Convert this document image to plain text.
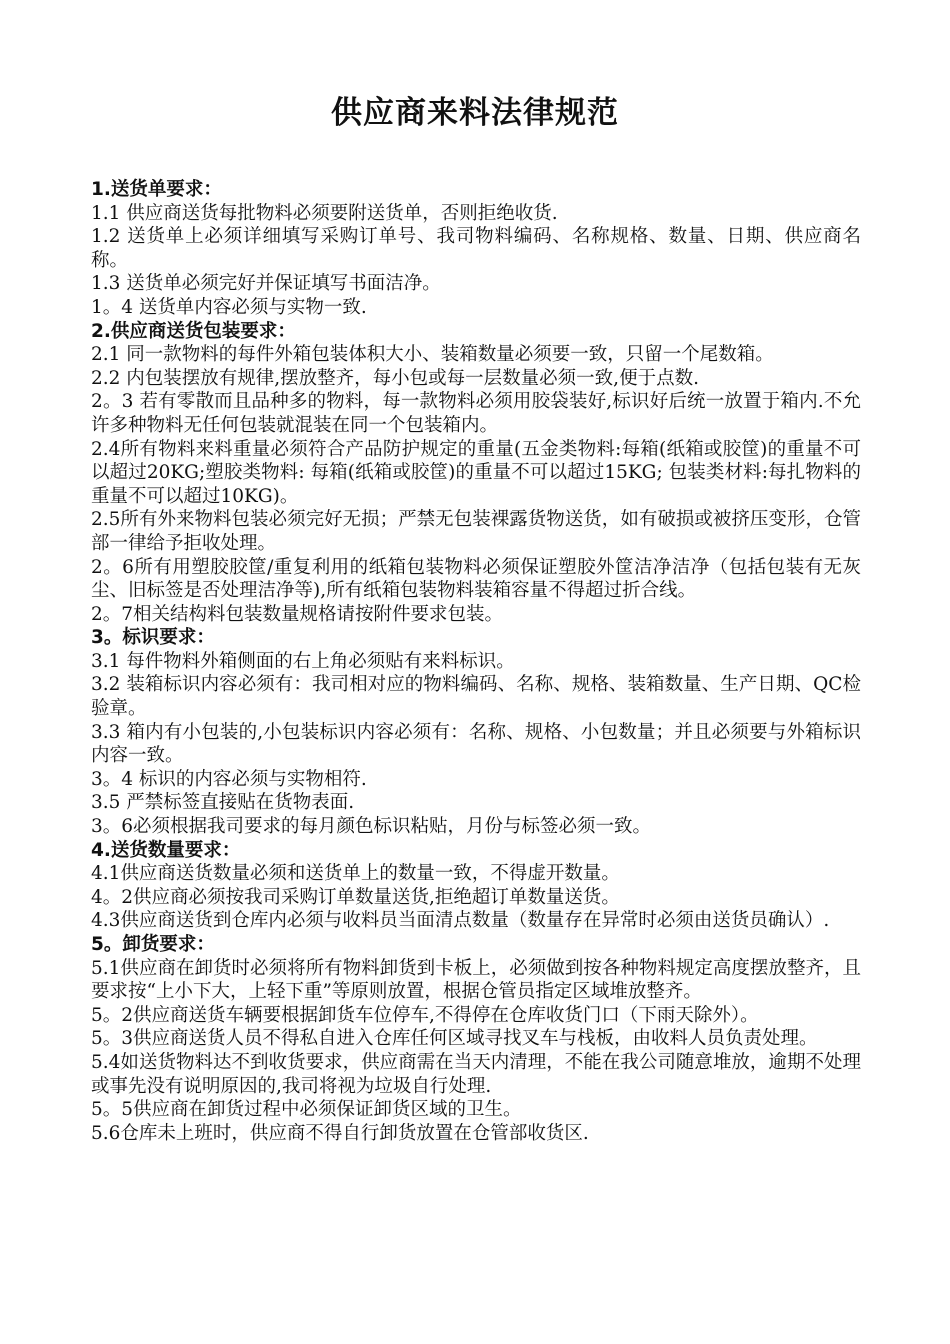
供应商来料法律规范
1.送货单要求：
1.1 供应商送货每批物料必须要附送货单，否则拒绝收货.
1.2 送货单上必须详细填写采购订单号、我司物料编码、名称规格、数量、日期、供应商名称。
1.3 送货单必须完好并保证填写书面洁净。
1。4 送货单内容必须与实物一致.
2.供应商送货包装要求：
2.1 同一款物料的每件外箱包装体积大小、装箱数量必须要一致，只留一个尾数箱。
2.2 内包装摆放有规律,摆放整齐，每小包或每一层数量必须一致,便于点数.
2。3 若有零散而且品种多的物料，每一款物料必须用胶袋装好,标识好后统一放置于箱内.不允许多种物料无任何包装就混装在同一个包装箱内。
2.4所有物料来料重量必须符合产品防护规定的重量(五金类物料:每箱(纸箱或胶筐)的重量不可以超过20KG;塑胶类物料: 每箱(纸箱或胶筐)的重量不可以超过15KG; 包装类材料:每扎物料的重量不可以超过10KG)。
2.5所有外来物料包装必须完好无损；严禁无包装裸露货物送货，如有破损或被挤压变形，仓管部一律给予拒收处理。
2。6所有用塑胶胶筐/重复利用的纸箱包装物料必须保证塑胶外筐洁净洁净（包括包装有无灰尘、旧标签是否处理洁净等),所有纸箱包装物料装箱容量不得超过折合线。
2。7相关结构料包装数量规格请按附件要求包装。
3。标识要求：
3.1 每件物料外箱侧面的右上角必须贴有来料标识。
3.2 装箱标识内容必须有：我司相对应的物料编码、名称、规格、装箱数量、生产日期、QC检验章。
3.3 箱内有小包装的,小包装标识内容必须有：名称、规格、小包数量；并且必须要与外箱标识内容一致。
3。4 标识的内容必须与实物相符.
3.5 严禁标签直接贴在货物表面.
3。6必须根据我司要求的每月颜色标识粘贴，月份与标签必须一致。
4.送货数量要求：
4.1供应商送货数量必须和送货单上的数量一致，不得虚开数量。
4。2供应商必须按我司采购订单数量送货,拒绝超订单数量送货。
4.3供应商送货到仓库内必须与收料员当面清点数量（数量存在异常时必须由送货员确认）.
5。卸货要求：
5.1供应商在卸货时必须将所有物料卸货到卡板上，必须做到按各种物料规定高度摆放整齐，且要求按“上小下大，上轻下重”等原则放置，根据仓管员指定区域堆放整齐。
5。2供应商送货车辆要根据卸货车位停车,不得停在仓库收货门口（下雨天除外）。
5。3供应商送货人员不得私自进入仓库任何区域寻找叉车与栈板，由收料人员负责处理。
5.4如送货物料达不到收货要求，供应商需在当天内清理，不能在我公司随意堆放，逾期不处理或事先没有说明原因的,我司将视为垃圾自行处理.
5。5供应商在卸货过程中必须保证卸货区域的卫生。
5.6仓库未上班时，供应商不得自行卸货放置在仓管部收货区.
